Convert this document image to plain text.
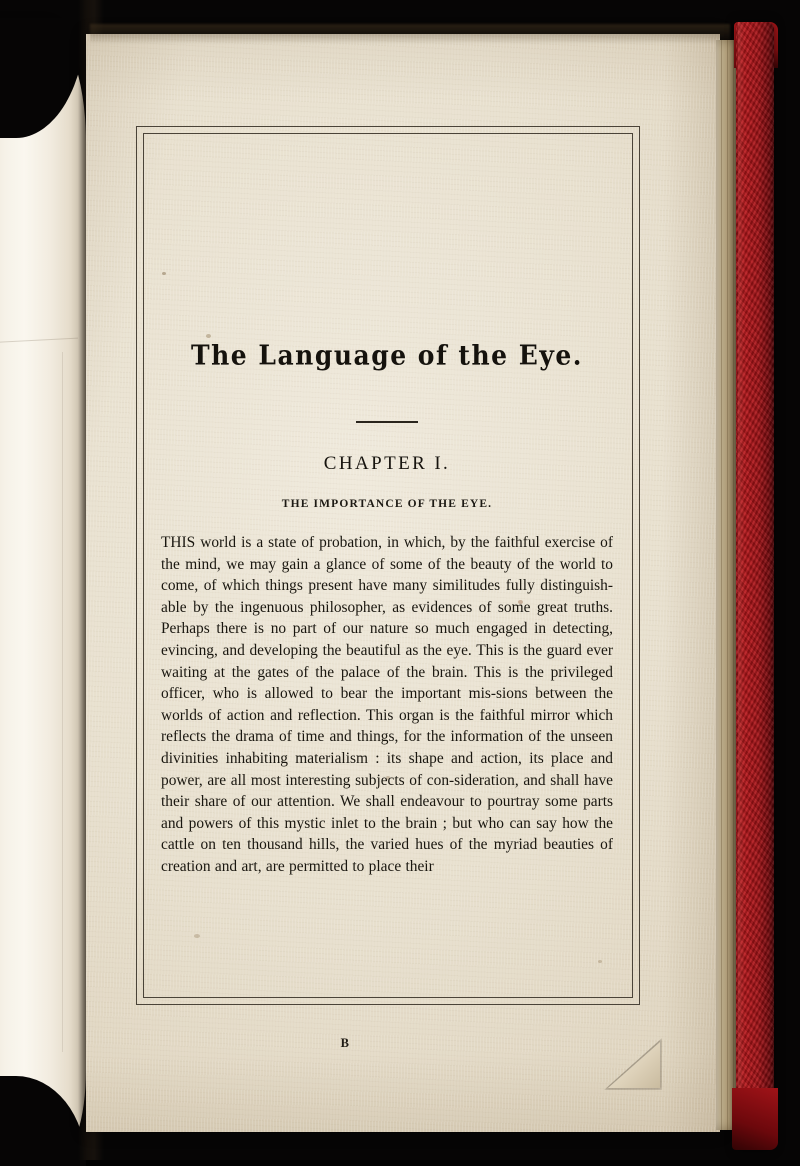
The Language of the Eye.
CHAPTER I.
THE IMPORTANCE OF THE EYE.
THIS world is a state of probation, in which, by the faithful exercise of the mind, we may gain a glance of some of the beauty of the world to come, of which things present have many similitudes fully distinguish-able by the ingenuous philosopher, as evidences of some great truths. Perhaps there is no part of our nature so much engaged in detecting, evincing, and developing the beautiful as the eye. This is the guard ever waiting at the gates of the palace of the brain. This is the privileged officer, who is allowed to bear the important mis-sions between the worlds of action and reflection. This organ is the faithful mirror which reflects the drama of time and things, for the information of the unseen divinities inhabiting materialism : its shape and action, its place and power, are all most interesting subjects of con-sideration, and shall have their share of our attention. We shall endeavour to pourtray some parts and powers of this mystic inlet to the brain ; but who can say how the cattle on ten thousand hills, the varied hues of the myriad beauties of creation and art, are permitted to place their
B
